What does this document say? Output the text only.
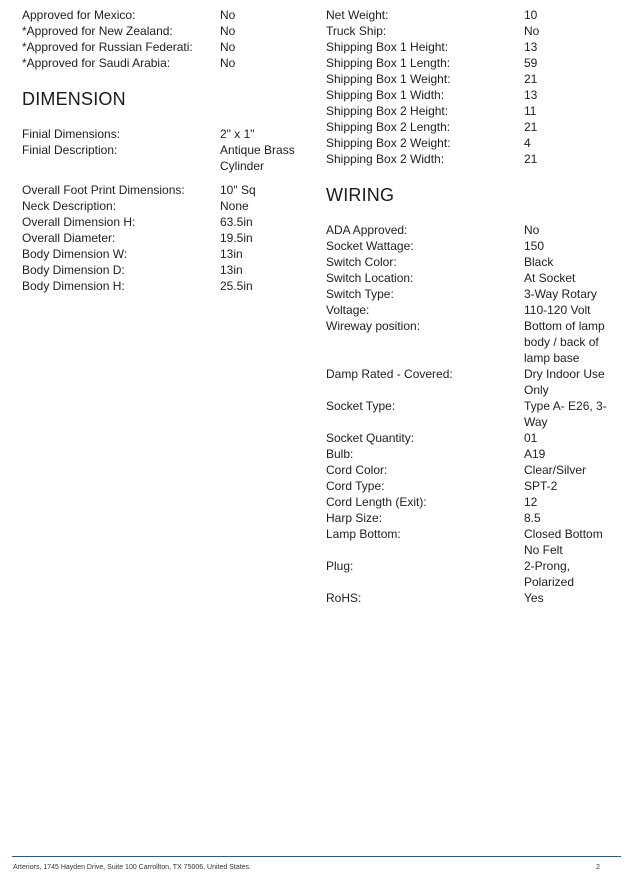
Approved for Mexico:	No
*Approved for New Zealand:	No
*Approved for Russian Federati:	No
*Approved for Saudi Arabia:	No
DIMENSION
Finial Dimensions:	2" x 1"
Finial Description:	Antique Brass Cylinder
Overall Foot Print Dimensions:	10" Sq
Neck Description:	None
Overall Dimension H:	63.5in
Overall Diameter:	19.5in
Body Dimension W:	13in
Body Dimension D:	13in
Body Dimension H:	25.5in
Net Weight:	10
Truck Ship:	No
Shipping Box 1 Height:	13
Shipping Box 1 Length:	59
Shipping Box 1 Weight:	21
Shipping Box 1 Width:	13
Shipping Box 2 Height:	11
Shipping Box 2 Length:	21
Shipping Box 2 Weight:	4
Shipping Box 2 Width:	21
WIRING
ADA Approved:	No
Socket Wattage:	150
Switch Color:	Black
Switch Location:	At Socket
Switch Type:	3-Way Rotary
Voltage:	110-120 Volt
Wireway position:	Bottom of lamp body / back of lamp base
Damp Rated - Covered:	Dry Indoor Use Only
Socket Type:	Type A- E26, 3-Way
Socket Quantity:	01
Bulb:	A19
Cord Color:	Clear/Silver
Cord Type:	SPT-2
Cord Length (Exit):	12
Harp Size:	8.5
Lamp Bottom:	Closed Bottom No Felt
Plug:	2-Prong, Polarized
RoHS:	Yes
Arteriors, 1745 Hayden Drive, Suite 100 Carrollton, TX 75006, United States.	2
